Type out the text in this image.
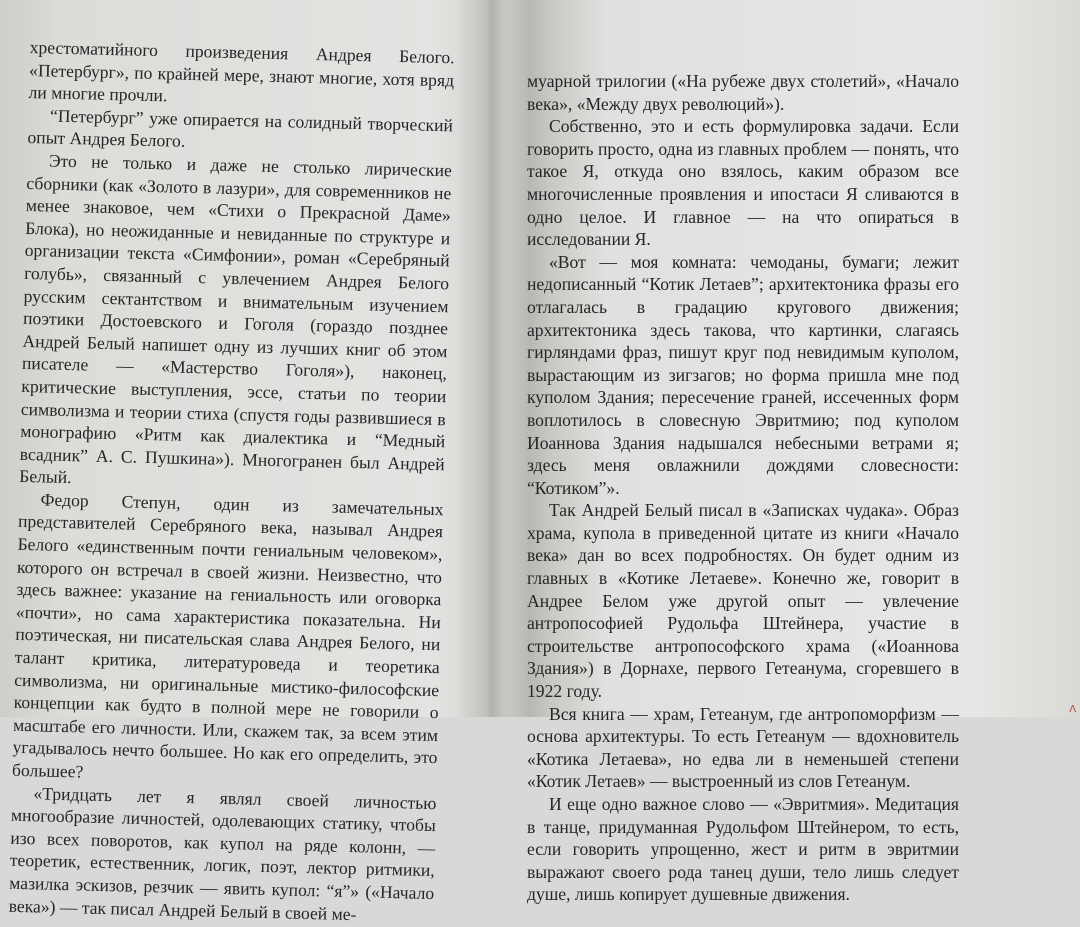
хрестоматийного произведения Андрея Белого. «Петербург», по крайней мере, знают многие, хотя вряд ли многие прочли.

“Петербург” уже опирается на солидный творческий опыт Андрея Белого.

Это не только и даже не столько лирические сборники (как «Золото в лазури», для современников не менее знаковое, чем «Стихи о Прекрасной Даме» Блока), но неожиданные и невиданные по структуре и организации текста «Симфонии», роман «Серебряный голубь», связанный с увлечением Андрея Белого русским сектантством и внимательным изучением поэтики Достоевского и Гоголя (гораздо позднее Андрей Белый напишет одну из лучших книг об этом писателе — «Мастерство Гоголя»), наконец, критические выступления, эссе, статьи по теории символизма и теории стиха (спустя годы развившиеся в монографию «Ритм как диалектика и “Медный всадник” А. С. Пушкина»). Многогранен был Андрей Белый.

Федор Степун, один из замечательных представителей Серебряного века, называл Андрея Белого «единственным почти гениальным человеком», которого он встречал в своей жизни. Неизвестно, что здесь важнее: указание на гениальность или оговорка «почти», но сама характеристика показательна. Ни поэтическая, ни писательская слава Андрея Белого, ни талант критика, литературоведа и теоретика символизма, ни оригинальные мистико-философские концепции как будто в полной мере не говорили о масштабе его личности. Или, скажем так, за всем этим угадывалось нечто большее. Но как его определить, это большее?

«Тридцать лет я являл своей личностью многообразие личностей, одолевающих статику, чтобы изо всех поворотов, как купол на ряде колонн, — теоретик, естественник, логик, поэт, лектор ритмики, мазилка эскизов, резчик — явить купол: “я”» («Начало века») — так писал Андрей Белый в своей ме-

муарной трилогии («На рубеже двух столетий», «Начало века», «Между двух революций»).

Собственно, это и есть формулировка задачи. Если говорить просто, одна из главных проблем — понять, что такое Я, откуда оно взялось, каким образом все многочисленные проявления и ипостаси Я сливаются в одно целое. И главное — на что опираться в исследовании Я.

«Вот — моя комната: чемоданы, бумаги; лежит недописанный “Котик Летаев”; архитектоника фразы его отлагалась в градацию кругового движения; архитектоника здесь такова, что картинки, слагаясь гирляндами фраз, пишут круг под невидимым куполом, вырастающим из зигзагов; но форма пришла мне под куполом Здания; пересечение граней, иссеченных форм воплотилось в словесную Эвритмию; под куполом Иоаннова Здания надышался небесными ветрами я; здесь меня овлажнили дождями словесности: “Котиком”».

Так Андрей Белый писал в «Записках чудака». Образ храма, купола в приведенной цитате из книги «Начало века» дан во всех подробностях. Он будет одним из главных в «Котике Летаеве». Конечно же, говорит в Андрее Белом уже другой опыт — увлечение антропософией Рудольфа Штейнера, участие в строительстве антропософского храма («Иоаннова Здания») в Дорнахе, первого Гетеанума, сгоревшего в 1922 году.

Вся книга — храм, Гетеанум, где антропоморфизм — основа архитектуры. То есть Гетеанум — вдохновитель «Котика Летаева», но едва ли в неменьшей степени «Котик Летаев» — выстроенный из слов Гетеанум.

И еще одно важное слово — «Эвритмия». Медитация в танце, придуманная Рудольфом Штейнером, то есть, если говорить упрощенно, жест и ритм в эвритмии выражают своего рода танец души, тело лишь следует душе, лишь копирует душевные движения.

Λ
